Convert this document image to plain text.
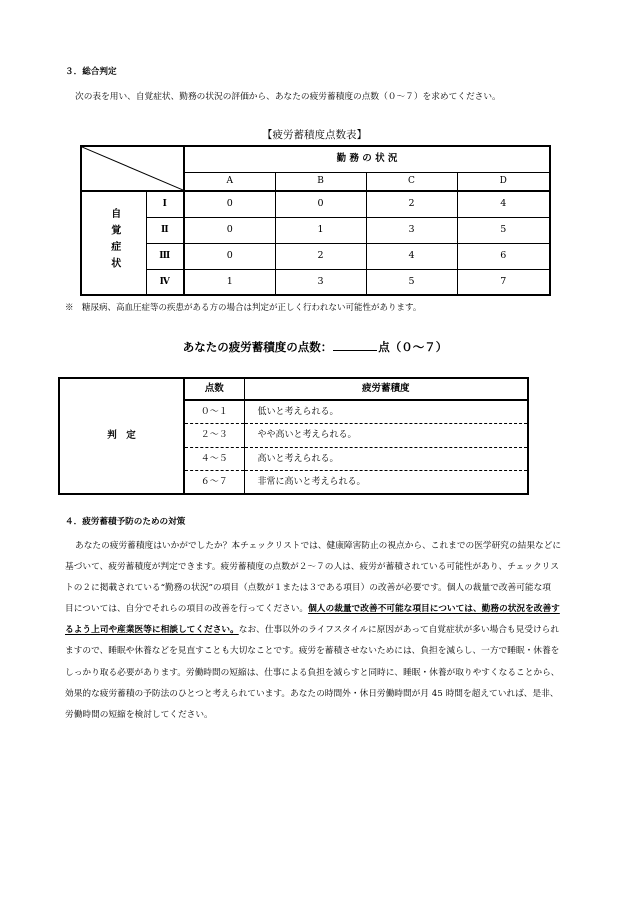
３．総合判定
次の表を用い、自覚症状、勤務の状況の評価から、あなたの疲労蓄積度の点数（０～７）を求めてください。
【疲労蓄積度点数表】
	勤 務 の 状 況			
		A	B	C	D
自覚症状	Ⅰ	0	0	2	4
	Ⅱ	0	1	3	5
	Ⅲ	0	2	4	6
	Ⅳ	1	3	5	7
※　糖尿病、高血圧症等の疾患がある方の場合は判定が正しく行われない可能性があります。
あなたの疲労蓄積度の点数：	点（０～７）
判　定	点数	疲労蓄積度
	０～１	低いと考えられる。
	２～３	やや高いと考えられる。
	４～５	高いと考えられる。
	６～７	非常に高いと考えられる。
４．疲労蓄積予防のための対策
あなたの疲労蓄積度はいかがでしたか？本チェックリストでは、健康障害防止の視点から、これまでの医学研究の結果などに
基づいて、疲労蓄積度が判定できます。疲労蓄積度の点数が２～７の人は、疲労が蓄積されている可能性があり、チェックリス
トの２に掲載されている“勤務の状況”の項目（点数が１または３である項目）の改善が必要です。個人の裁量で改善可能な項
目については、自分でそれらの項目の改善を行ってください。個人の裁量で改善不可能な項目については、勤務の状況を改善す
るよう上司や産業医等に相談してください。なお、仕事以外のライフスタイルに原因があって自覚症状が多い場合も見受けられ
ますので、睡眠や休養などを見直すことも大切なことです。疲労を蓄積させないためには、負担を減らし、一方で睡眠・休養を
しっかり取る必要があります。労働時間の短縮は、仕事による負担を減らすと同時に、睡眠・休養が取りやすくなることから、
効果的な疲労蓄積の予防法のひとつと考えられています。あなたの時間外・休日労働時間が月 45 時間を超えていれば、是非、
労働時間の短縮を検討してください。
